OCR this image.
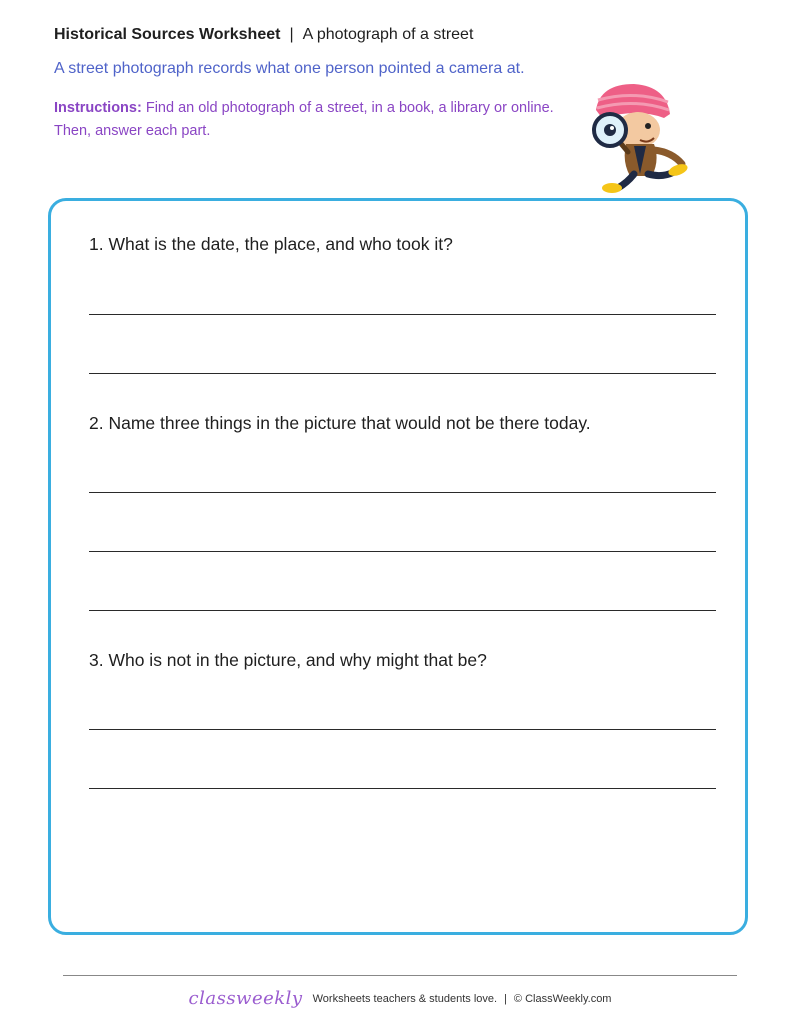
Historical Sources Worksheet | A photograph of a street
A street photograph records what one person pointed a camera at.
Instructions: Find an old photograph of a street, in a book, a library or online. Then, answer each part.
1. What is the date, the place, and who took it?
2. Name three things in the picture that would not be there today.
3. Who is not in the picture, and why might that be?
classweekly Worksheets teachers & students love. | © ClassWeekly.com
